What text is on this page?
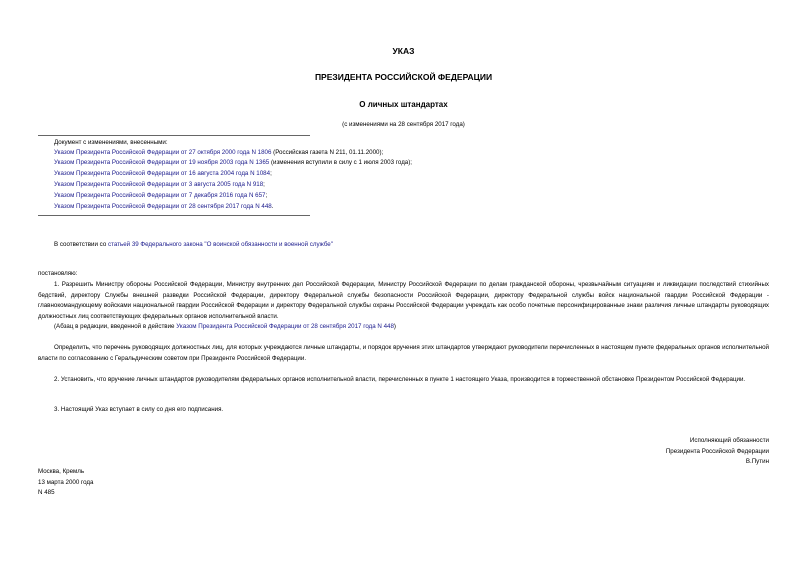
УКАЗ
ПРЕЗИДЕНТА РОССИЙСКОЙ ФЕДЕРАЦИИ
О личных штандартах
(с изменениями на 28 сентября 2017 года)
Документ с изменениями, внесенными:
Указом Президента Российской Федерации от 27 октября 2000 года N 1806 (Российская газета N 211, 01.11.2000);
Указом Президента Российской Федерации от 19 ноября 2003 года N 1365 (изменения вступили в силу с 1 июля 2003 года);
Указом Президента Российской Федерации от 16 августа 2004 года N 1084;
Указом Президента Российской Федерации от 3 августа 2005 года N 918;
Указом Президента Российской Федерации от 7 декабря 2016 года N 657;
Указом Президента Российской Федерации от 28 сентября 2017 года N 448.
В соответствии со статьей 39 Федерального закона "О воинской обязанности и военной службе"
постановляю:
1. Разрешить Министру обороны Российской Федерации, Министру внутренних дел Российской Федерации, Министру Российской Федерации по делам гражданской обороны, чрезвычайным ситуациям и ликвидации последствий стихийных бедствий, директору Службы внешней разведки Российской Федерации, директору Федеральной службы безопасности Российской Федерации, директору Федеральной службы войск национальной гвардии Российской Федерации - главнокомандующему войсками национальной гвардии Российской Федерации и директору Федеральной службы охраны Российской Федерации учреждать как особо почетные персонифицированные знаки различия личные штандарты руководящих должностных лиц соответствующих федеральных органов исполнительной власти.
(Абзац в редакции, введенной в действие Указом Президента Российской Федерации от 28 сентября 2017 года N 448)
Определить, что перечень руководящих должностных лиц, для которых учреждаются личные штандарты, и порядок вручения этих штандартов утверждают руководители перечисленных в настоящем пункте федеральных органов исполнительной власти по согласованию с Геральдическим советом при Президенте Российской Федерации.
2. Установить, что вручение личных штандартов руководителям федеральных органов исполнительной власти, перечисленных в пункте 1 настоящего Указа, производится в торжественной обстановке Президентом Российской Федерации.
3. Настоящий Указ вступает в силу со дня его подписания.
Исполняющий обязанности
Президента Российской Федерации
В.Путин
Москва, Кремль
13 марта 2000 года
N 485
